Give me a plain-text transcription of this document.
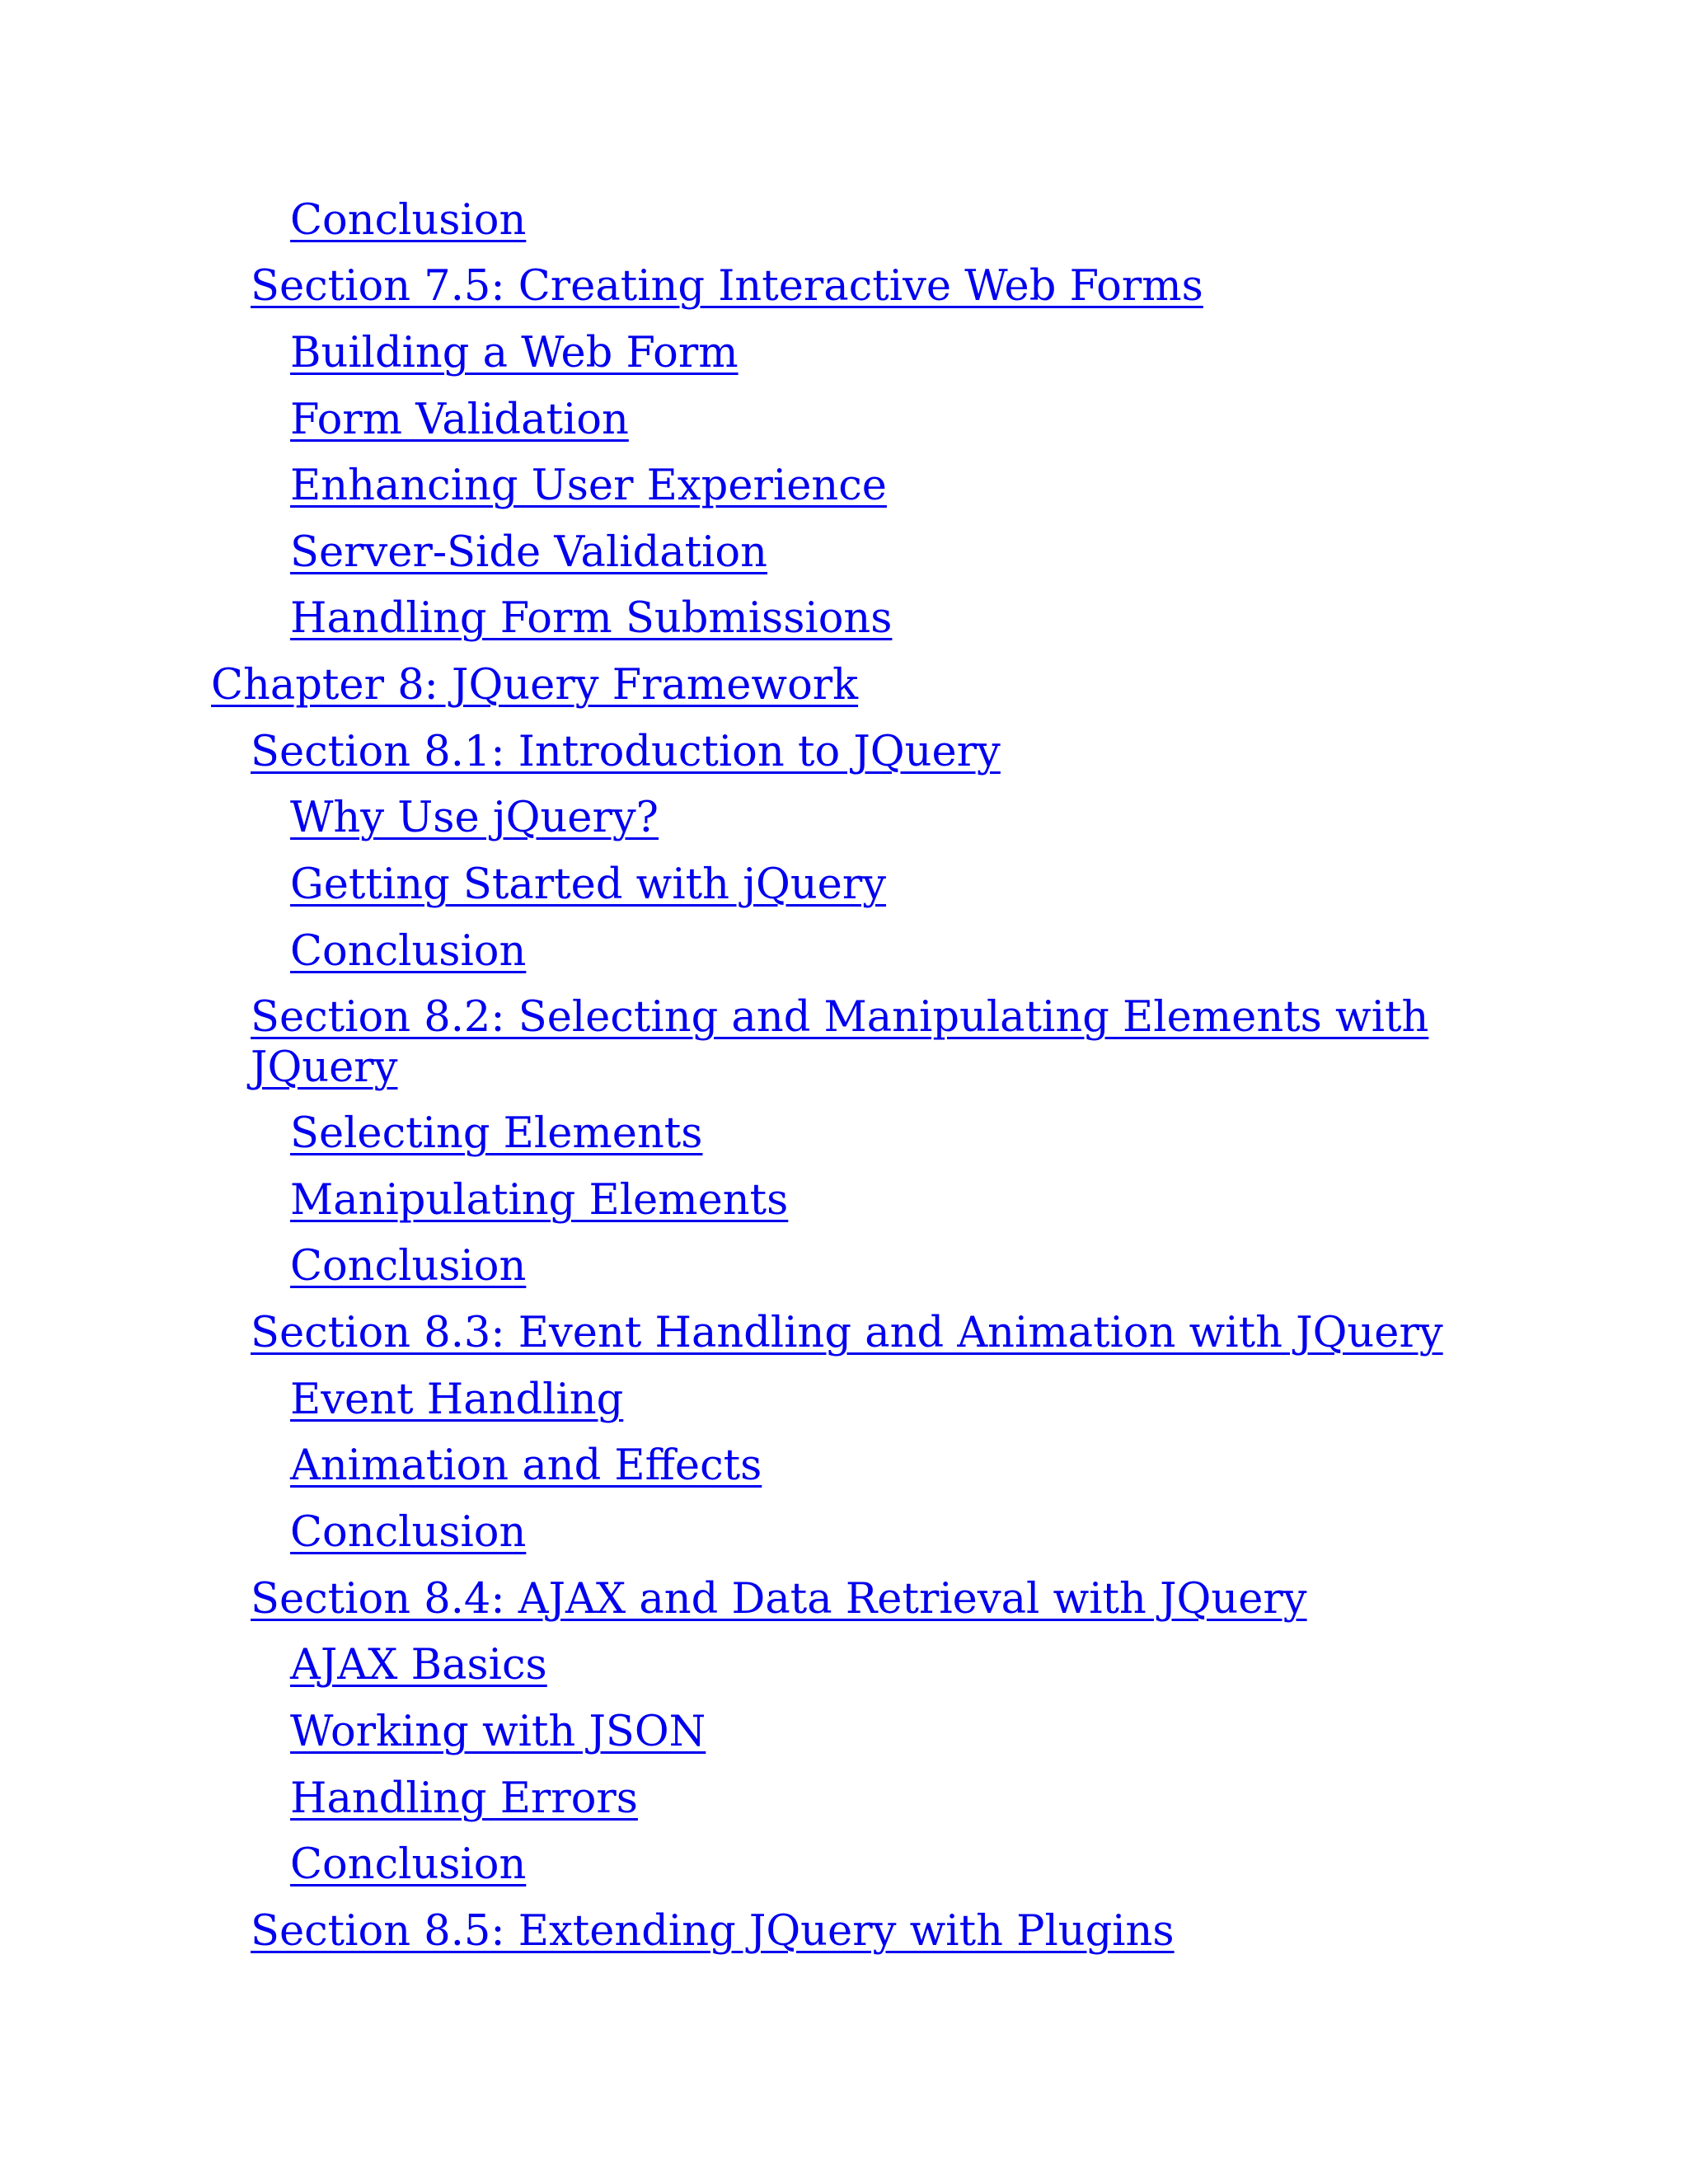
Conclusion
Section 7.5: Creating Interactive Web Forms
Building a Web Form
Form Validation
Enhancing User Experience
Server-Side Validation
Handling Form Submissions
Chapter 8: JQuery Framework
Section 8.1: Introduction to JQuery
Why Use jQuery?
Getting Started with jQuery
Conclusion
Section 8.2: Selecting and Manipulating Elements with JQuery
Selecting Elements
Manipulating Elements
Conclusion
Section 8.3: Event Handling and Animation with JQuery
Event Handling
Animation and Effects
Conclusion
Section 8.4: AJAX and Data Retrieval with JQuery
AJAX Basics
Working with JSON
Handling Errors
Conclusion
Section 8.5: Extending JQuery with Plugins
